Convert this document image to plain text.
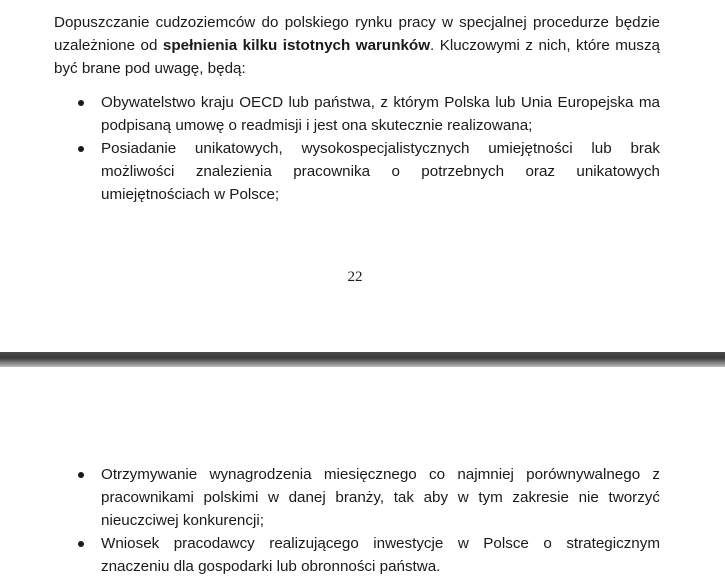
Dopuszczanie cudzoziemców do polskiego rynku pracy w specjalnej procedurze będzie uzależnione od spełnienia kilku istotnych warunków. Kluczowymi z nich, które muszą być brane pod uwagę, będą:

Obywatelstwo kraju OECD lub państwa, z którym Polska lub Unia Europejska ma podpisaną umowę o readmisji i jest ona skutecznie realizowana;
Posiadanie unikatowych, wysokospecjalistycznych umiejętności lub brak możliwości znalezienia pracownika o potrzebnych oraz unikatowych umiejętnościach w Polsce;
22
Otrzymywanie wynagrodzenia miesięcznego co najmniej porównywalnego z pracownikami polskimi w danej branży, tak aby w tym zakresie nie tworzyć nieuczciwej konkurencji;
Wniosek pracodawcy realizującego inwestycje w Polsce o strategicznym znaczeniu dla gospodarki lub obronności państwa.
